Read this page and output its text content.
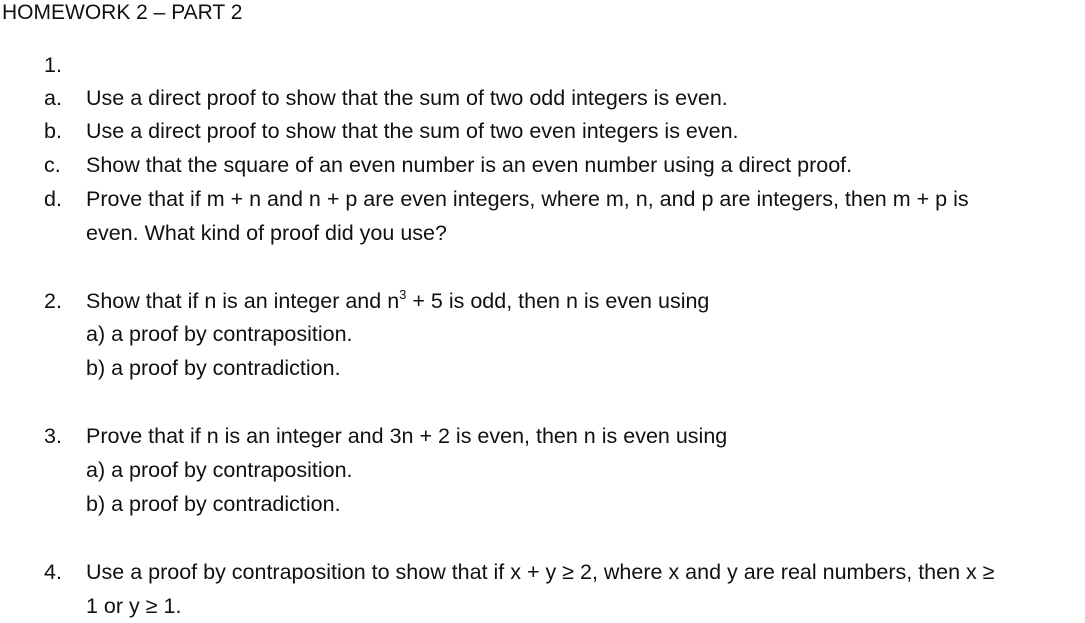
HOMEWORK 2 – PART 2
1.
a. Use a direct proof to show that the sum of two odd integers is even.
b. Use a direct proof to show that the sum of two even integers is even.
c. Show that the square of an even number is an even number using a direct proof.
d. Prove that if m + n and n + p are even integers, where m, n, and p are integers, then m + p is
even. What kind of proof did you use?
2. Show that if n is an integer and $n^3 + 5$ is odd, then n is even using
a) a proof by contraposition.
b) a proof by contradiction.
3. Prove that if n is an integer and 3n + 2 is even, then n is even using
a) a proof by contraposition.
b) a proof by contradiction.
4. Use a proof by contraposition to show that if x + y ≥ 2, where x and y are real numbers, then x ≥
1 or y ≥ 1.
